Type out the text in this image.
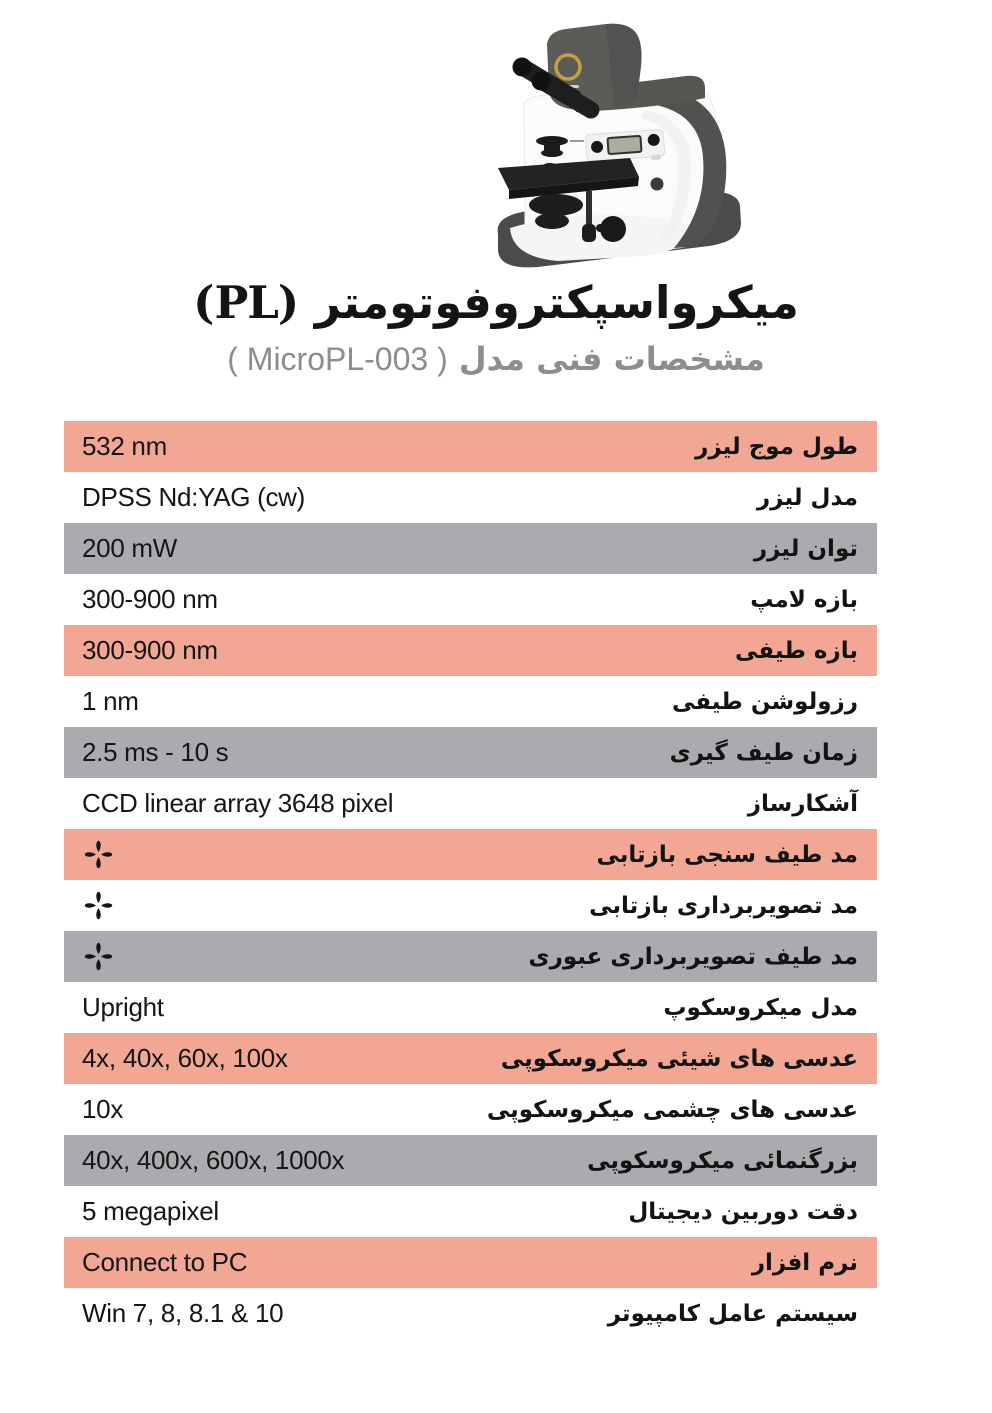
میکرواسپکتروفوتومتر (PL)
مشخصات فنی مدل ( MicroPL-003 )
532 nm	طول موج لیزر
DPSS Nd:YAG (cw)	مدل لیزر
200 mW	توان لیزر
300-900 nm	بازه لامپ
300-900 nm	بازه طیفی
1 nm	رزولوشن طیفی
2.5 ms - 10 s	زمان طیف گیری
CCD linear array 3648 pixel	آشکارساز
مد طیف سنجی بازتابی
مد تصویربرداری بازتابی
مد طیف تصویربرداری عبوری
Upright	مدل میکروسکوپ
4x, 40x, 60x, 100x	عدسی های شیئی میکروسکوپی
10x	عدسی های چشمی میکروسکوپی
40x, 400x, 600x, 1000x	بزرگنمائی میکروسکوپی
5 megapixel	دقت دوربین دیجیتال
Connect to PC	نرم افزار
Win 7, 8, 8.1 & 10	سیستم عامل کامپیوتر
